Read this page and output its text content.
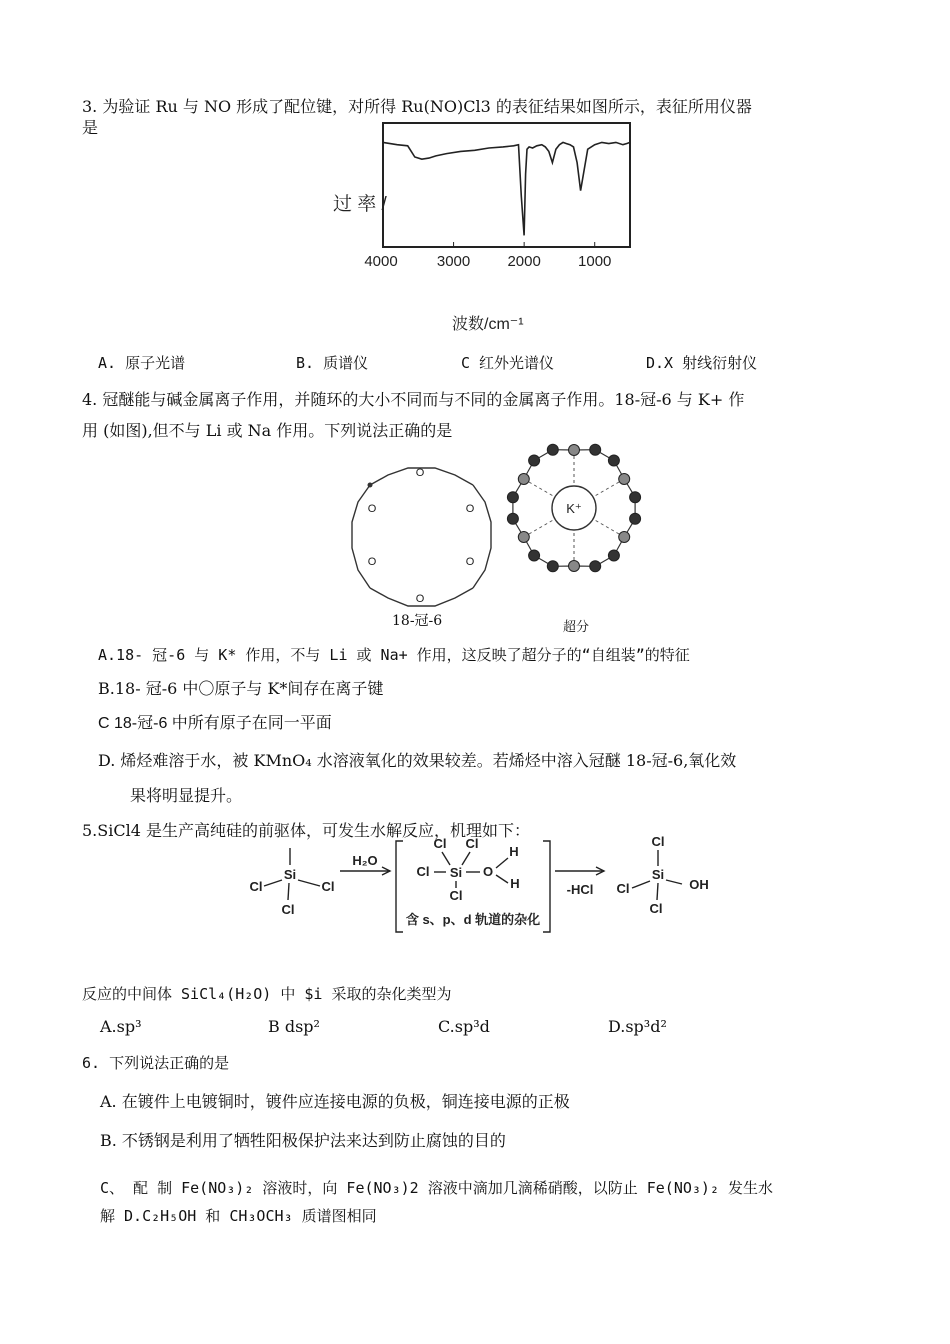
3. 为验证 Ru 与 NO 形成了配位键，对所得 Ru(NO)Cl3 的表征结果如图所示，表征所用仪器
是
4000	3000 2000 1000
过 率 /
波数/cm⁻¹
A. 原子光谱	B. 质谱仪	C 红外光谱仪	D.X 射线衍射仪
4. 冠醚能与碱金属离子作用，并随环的大小不同而与不同的金属离子作用。18-冠-6 与 K+ 作
用 (如图),但不与 Li 或 Na 作用。下列说法正确的是
O
O	O
O	O
O
K⁺
18-冠-6	超分
A.18- 冠-6 与 K* 作用，不与 Li 或 Na+ 作用，这反映了超分子的“自组装”的特征
B.18- 冠-6 中〇原子与 K*间存在离子键
C 18-冠-6 中所有原子在同一平面
D. 烯烃难溶于水，被 KMnO₄ 水溶液氧化的效果较差。若烯烃中溶入冠醚 18-冠-6,氧化效
果将明显提升。
5.SiCl4 是生产高纯硅的前驱体，可发生水解反应，机理如下：
Si
Cl	Cl
Cl
H₂O
Si
Cl
Cl Cl
Cl
O
H
H
含 s、p、d 轨道的杂化
-HCl
Si
Cl
Cl
Cl
OH
反应的中间体 SiCl₄(H₂O) 中 $i 采取的杂化类型为
A.sp³	B dsp²	C.sp³d	D.sp³d²
6. 下列说法正确的是
A. 在镀件上电镀铜时，镀件应连接电源的负极，铜连接电源的正极
B. 不锈钢是利用了牺牲阳极保护法来达到防止腐蚀的目的
C、 配 制 Fe(NO₃)₂ 溶液时，向 Fe(NO₃)2 溶液中滴加几滴稀硝酸，以防止 Fe(NO₃)₂ 发生水
解 D.C₂H₅OH 和 CH₃OCH₃ 质谱图相同
